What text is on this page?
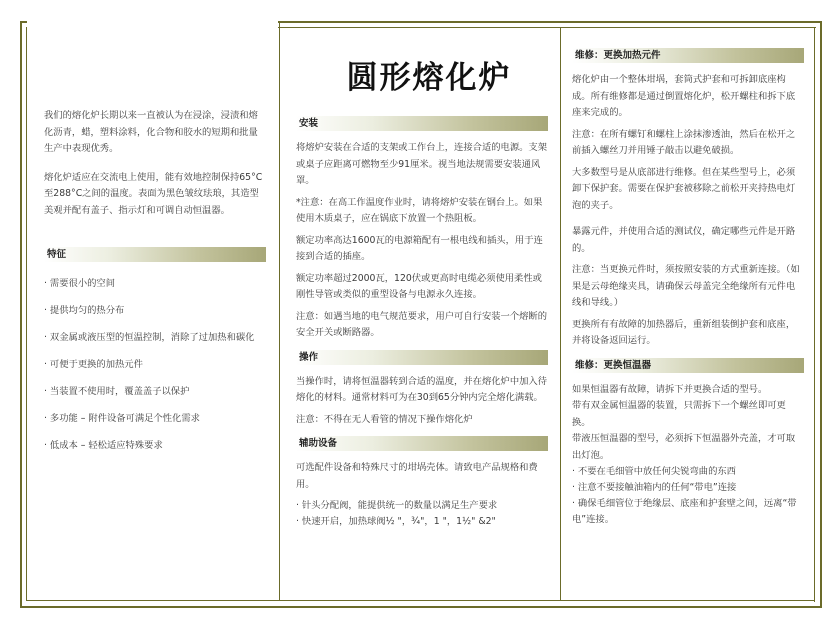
我们的熔化炉长期以来一直被认为在浸涂，浸渍和熔化沥青，蜡，塑料涂料，化合物和胶水的短期和批量生产中表现优秀。

熔化炉适应在交流电上使用，能有效地控制保持65°C至288°C之间的温度。表面为黑色皱纹珐琅，其造型美观并配有盖子、指示灯和可调自动恒温器。

特征
· 需要很小的空间
· 提供均匀的热分布
· 双金属或液压型的恒温控制，消除了过加热和碳化
· 可便于更换的加热元件
· 当装置不使用时，覆盖盖子以保护
· 多功能 – 附件设备可满足个性化需求
· 低成本 – 轻松适应特殊要求
圆形熔化炉
安装

将熔炉安装在合适的支架或工作台上，连接合适的电源。支架或桌子应距离可燃物至少91厘米。视当地法规需要安装通风罩。

*注意：在高工作温度作业时，请将熔炉安装在钢台上。如果使用木质桌子，应在锅底下放置一个热阻板。

额定功率高达1600瓦的电源箱配有一根电线和插头，用于连接到合适的插座。

额定功率超过2000瓦，120伏或更高时电缆必须使用柔性或刚性导管或类似的重型设备与电源永久连接。

注意：如遇当地的电气规范要求，用户可自行安装一个熔断的安全开关或断路器。

操作

当操作时，请将恒温器转到合适的温度，并在熔化炉中加入待熔化的材料。通常材料可为在30到65分钟内完全熔化满载。

注意：不得在无人看管的情况下操作熔化炉

辅助设备

可选配件设备和特殊尺寸的坩埚壳体。请致电产品规格和费用。

· 针头分配阀，能提供统一的数量以满足生产要求
· 快速开启，加热球阀½ "，¾"，1 "，1½" &2"
维修：更换加热元件

熔化炉由一个整体坩埚，套筒式护套和可拆卸底座构成。所有维修都是通过倒置熔化炉，松开螺柱和拆下底座来完成的。

注意：在所有螺钉和螺柱上涂抹渗透油，然后在松开之前插入螺丝刀并用锤子敲击以避免破损。

大多数型号是从底部进行维修。但在某些型号上，必须卸下保护套。需要在保护套被移除之前松开夹持热电灯泡的夹子。

暴露元件，并使用合适的测试仪，确定哪些元件是开路的。

注意：当更换元件时，须按照安装的方式重新连接。（如果是云母绝缘夹具，请确保云母盖完全绝缘所有元件电线和导线。）

更换所有有故障的加热器后，重新组装倒护套和底座，并将设备返回运行。

维修：更换恒温器

如果恒温器有故障，请拆下并更换合适的型号。

带有双金属恒温器的装置，只需拆下一个螺丝即可更换。

带液压恒温器的型号，必须拆下恒温器外壳盖，才可取出灯泡。

· 不要在毛细管中放任何尖锐弯曲的东西
· 注意不要接触油箱内的任何“带电”连接
· 确保毛细管位于绝缘层、底座和护套壁之间，远离“带电”连接。
